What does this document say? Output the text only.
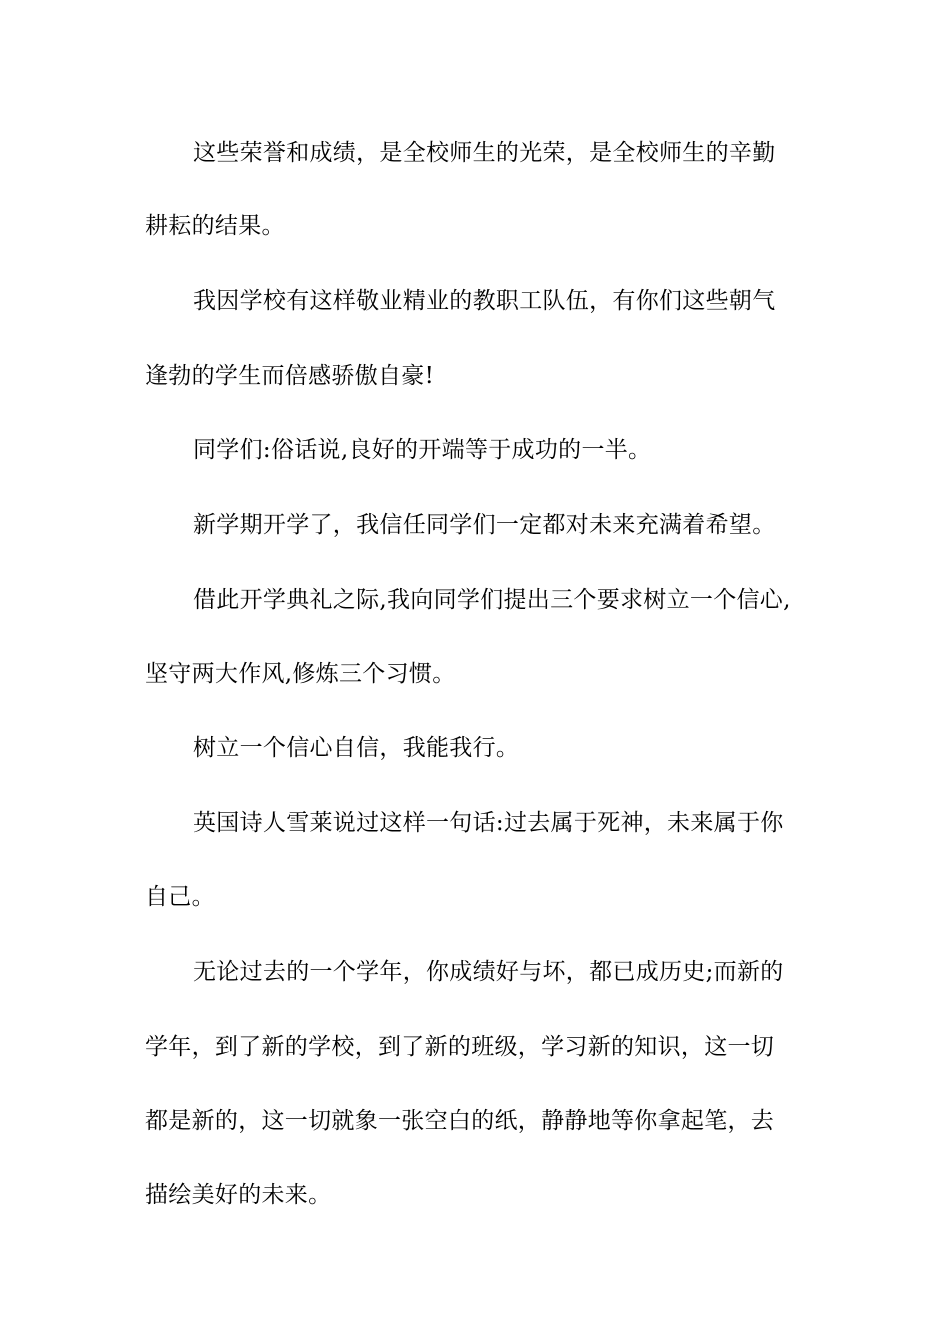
这些荣誉和成绩，是全校师生的光荣，是全校师生的辛勤
耕耘的结果。
我因学校有这样敬业精业的教职工队伍，有你们这些朝气
逢勃的学生而倍感骄傲自豪!
同学们:俗话说,良好的开端等于成功的一半。
新学期开学了，我信任同学们一定都对未来充满着希望。
借此开学典礼之际,我向同学们提出三个要求树立一个信心,
坚守两大作风,修炼三个习惯。
树立一个信心自信，我能我行。
英国诗人雪莱说过这样一句话:过去属于死神，未来属于你
自己。
无论过去的一个学年，你成绩好与坏，都已成历史;而新的
学年，到了新的学校，到了新的班级，学习新的知识，这一切
都是新的，这一切就象一张空白的纸，静静地等你拿起笔，去
描绘美好的未来。
